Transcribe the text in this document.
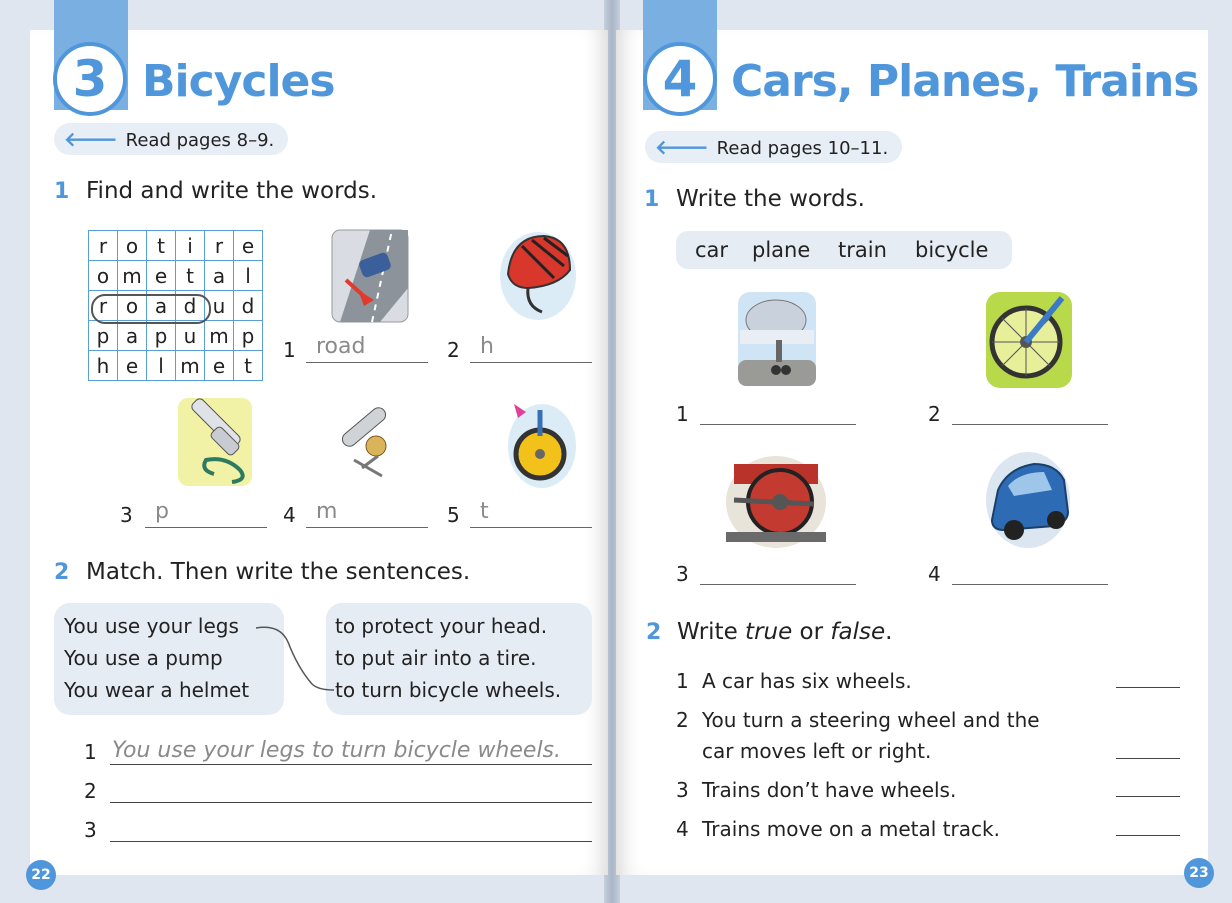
3 Bicycles
🡐 Read pages 8–9.
1 Find and write the words.
r	o	t	i	r	e
o	m	e	t	a	l
r	o	a	d	u	d
p	a	p	u	m	p
h	e	l	m	e	t
1 road	2 h
3 p	4 m	5 t
2 Match. Then write the sentences.
You use your legs
You use a pump
You wear a helmet
to protect your head.
to put air into a tire.
to turn bicycle wheels.
1 You use your legs to turn bicycle wheels.
2
3
22
4 Cars, Planes, Trains
🡐 Read pages 10–11.
1 Write the words.
car plane train bicycle
1	2
3	4
2 Write true or false.
1 A car has six wheels.
2 You turn a steering wheel and the
car moves left or right.
3 Trains don’t have wheels.
4 Trains move on a metal track.
23
